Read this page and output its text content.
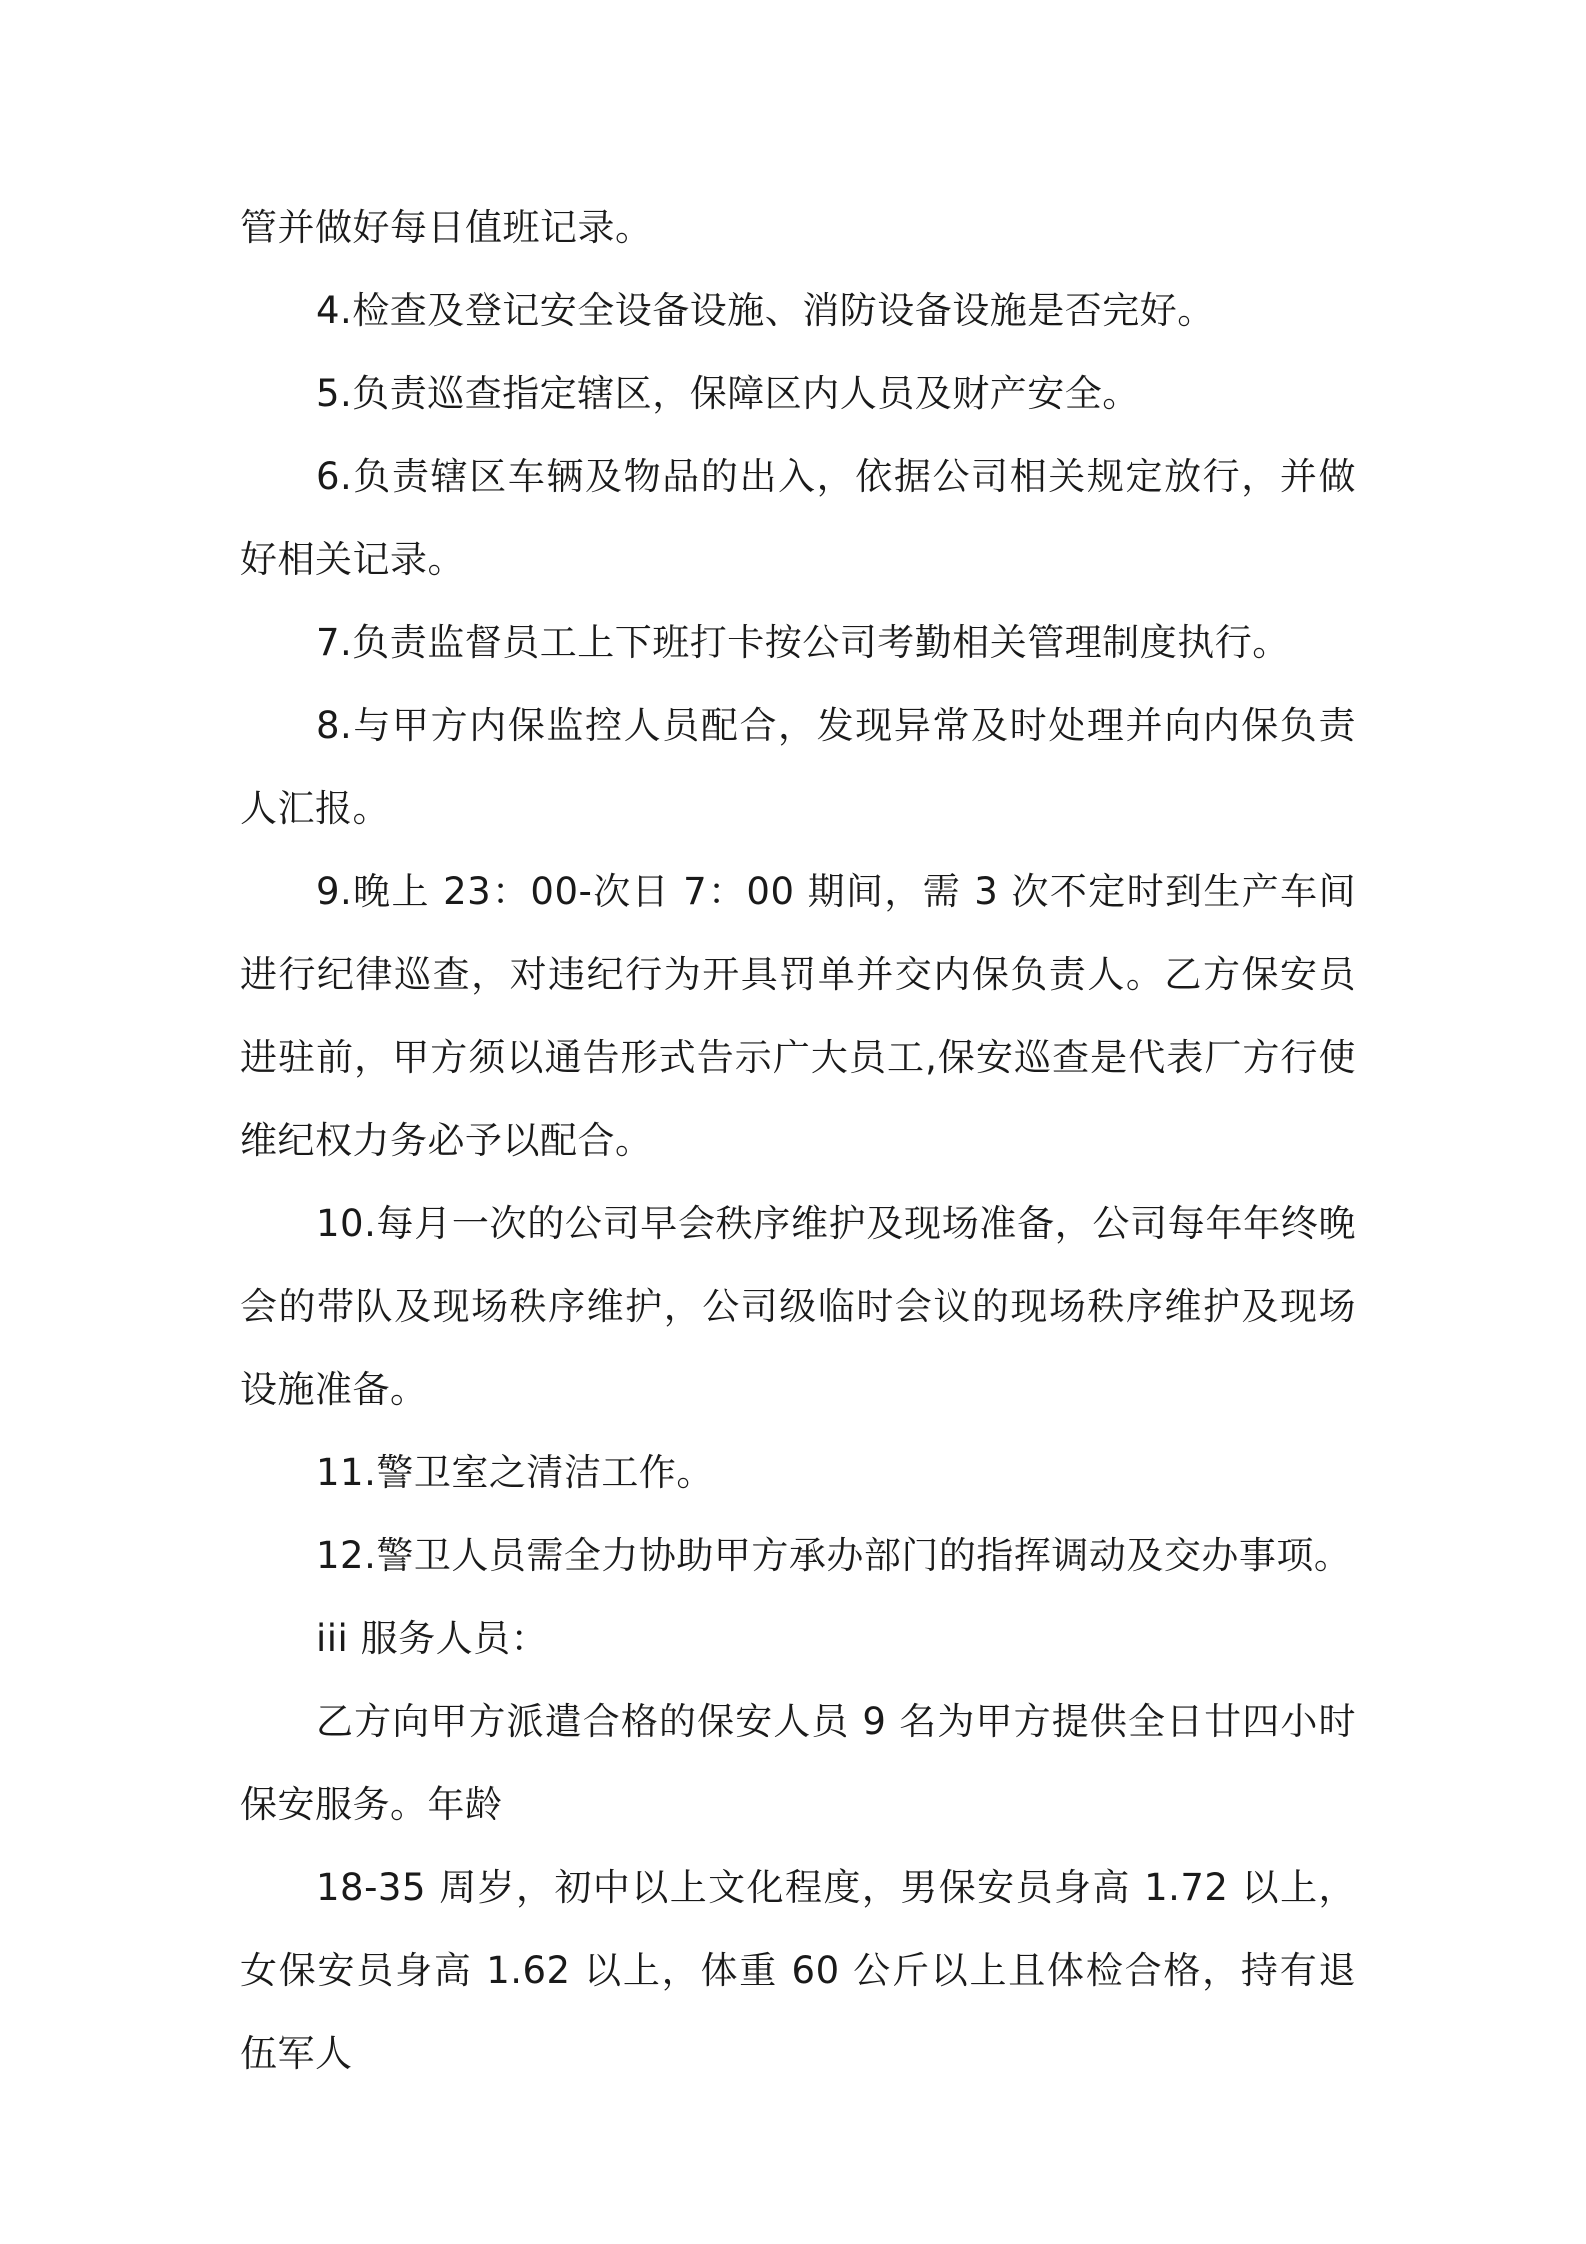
管并做好每日值班记录。

4.检查及登记安全设备设施、消防设备设施是否完好。

5.负责巡查指定辖区，保障区内人员及财产安全。

6.负责辖区车辆及物品的出入，依据公司相关规定放行，并做好相关记录。

7.负责监督员工上下班打卡按公司考勤相关管理制度执行。

8.与甲方内保监控人员配合，发现异常及时处理并向内保负责人汇报。

9.晚上 23：00-次日 7：00 期间，需 3 次不定时到生产车间进行纪律巡查，对违纪行为开具罚单并交内保负责人。乙方保安员进驻前，甲方须以通告形式告示广大员工,保安巡查是代表厂方行使维纪权力务必予以配合。

10.每月一次的公司早会秩序维护及现场准备，公司每年年终晚会的带队及现场秩序维护，公司级临时会议的现场秩序维护及现场设施准备。

11.警卫室之清洁工作。

12.警卫人员需全力协助甲方承办部门的指挥调动及交办事项。

iii 服务人员：

乙方向甲方派遣合格的保安人员 9 名为甲方提供全日廿四小时保安服务。年龄

18-35 周岁，初中以上文化程度，男保安员身高 1.72 以上，女保安员身高 1.62 以上，体重 60 公斤以上且体检合格，持有退伍军人
